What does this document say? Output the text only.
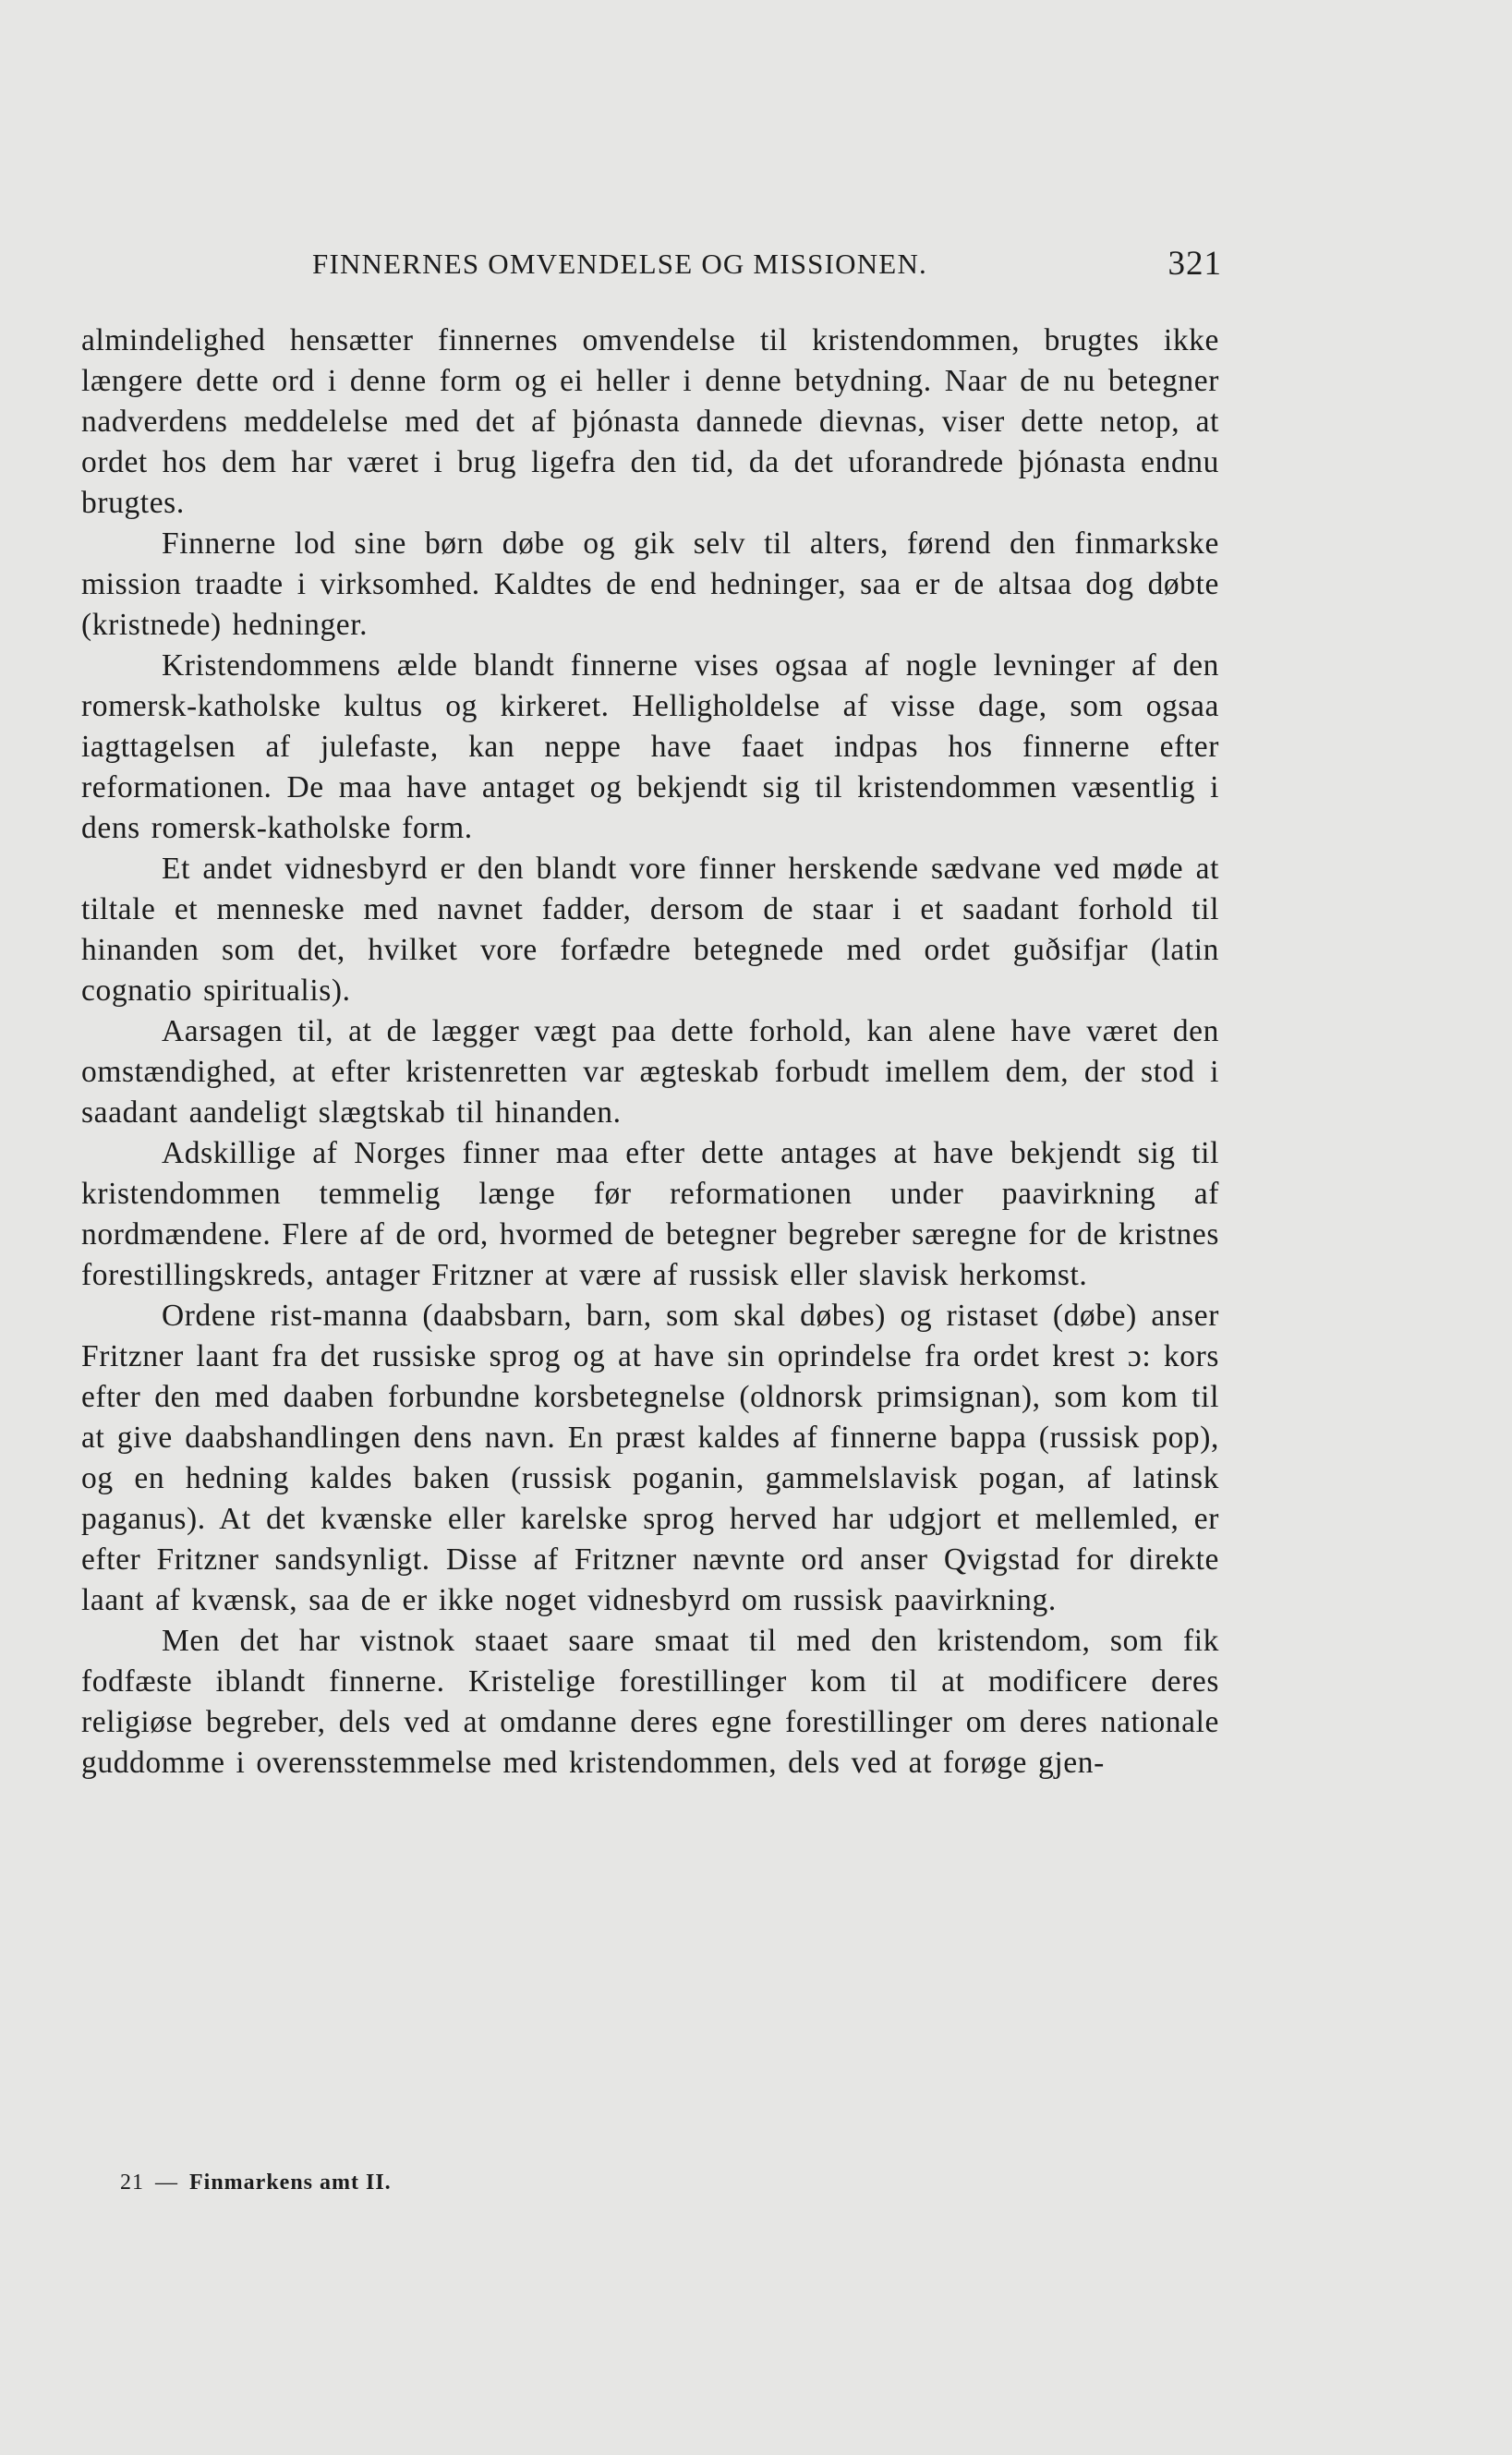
FINNERNES OMVENDELSE OG MISSIONEN.	321

almindelighed hensætter finnernes omvendelse til kristendommen, brugtes ikke længere dette ord i denne form og ei heller i denne betydning. Naar de nu betegner nadverdens meddelelse med det af þjónasta dannede dievnas, viser dette netop, at ordet hos dem har været i brug ligefra den tid, da det uforandrede þjónasta endnu brugtes.

Finnerne lod sine børn døbe og gik selv til alters, førend den finmarkske mission traadte i virksomhed. Kaldtes de end hedninger, saa er de altsaa dog døbte (kristnede) hedninger.

Kristendommens ælde blandt finnerne vises ogsaa af nogle levninger af den romersk-katholske kultus og kirkeret. Helligholdelse af visse dage, som ogsaa iagttagelsen af julefaste, kan neppe have faaet indpas hos finnerne efter reformationen. De maa have antaget og bekjendt sig til kristendommen væsentlig i dens romersk-katholske form.

Et andet vidnesbyrd er den blandt vore finner herskende sædvane ved møde at tiltale et menneske med navnet fadder, dersom de staar i et saadant forhold til hinanden som det, hvilket vore forfædre betegnede med ordet guðsifjar (latin cognatio spiritualis).

Aarsagen til, at de lægger vægt paa dette forhold, kan alene have været den omstændighed, at efter kristenretten var ægteskab forbudt imellem dem, der stod i saadant aandeligt slægtskab til hinanden.

Adskillige af Norges finner maa efter dette antages at have bekjendt sig til kristendommen temmelig længe før reformationen under paavirkning af nordmændene. Flere af de ord, hvormed de betegner begreber særegne for de kristnes forestillingskreds, antager Fritzner at være af russisk eller slavisk herkomst.

Ordene rist-manna (daabsbarn, barn, som skal døbes) og ristaset (døbe) anser Fritzner laant fra det russiske sprog og at have sin oprindelse fra ordet krest ɔ: kors efter den med daaben forbundne korsbetegnelse (oldnorsk primsignan), som kom til at give daabshandlingen dens navn. En præst kaldes af finnerne bappa (russisk pop), og en hedning kaldes baken (russisk poganin, gammelslavisk pogan, af latinsk paganus). At det kvænske eller karelske sprog herved har udgjort et mellemled, er efter Fritzner sandsynligt. Disse af Fritzner nævnte ord anser Qvigstad for direkte laant af kvænsk, saa de er ikke noget vidnesbyrd om russisk paavirkning.

Men det har vistnok staaet saare smaat til med den kristendom, som fik fodfæste iblandt finnerne. Kristelige forestillinger kom til at modificere deres religiøse begreber, dels ved at omdanne deres egne forestillinger om deres nationale guddomme i overensstemmelse med kristendommen, dels ved at forøge gjen-

21 — Finmarkens amt II.
